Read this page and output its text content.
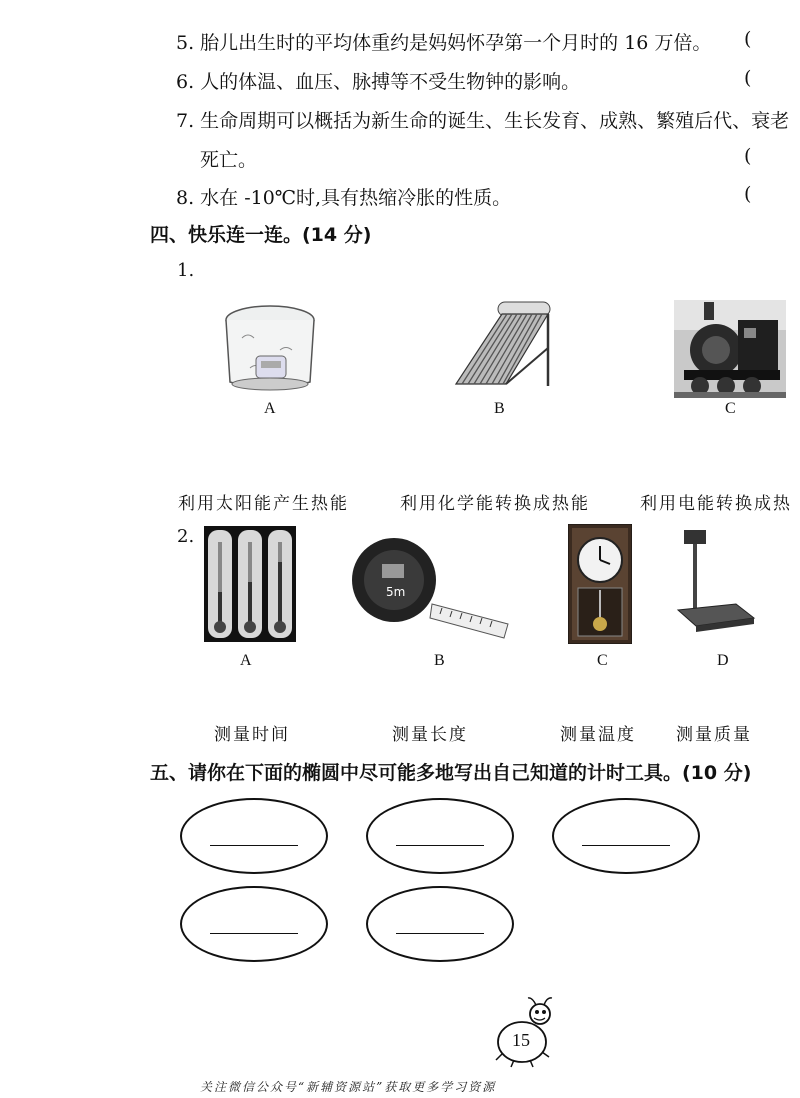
5. 胎儿出生时的平均体重约是妈妈怀孕第一个月时的 16 万倍。 (
6. 人的体温、血压、脉搏等不受生物钟的影响。	(
7. 生命周期可以概括为新生命的诞生、生长发育、成熟、繁殖后代、衰老
死亡。	(
8. 水在 -10℃时,具有热缩冷胀的性质。	(
四、快乐连一连。(14 分)
1.
A	B	C
利用太阳能产生热能	利用化学能转换成热能	利用电能转换成热
2.
A
5m
B	C	D
测量时间	测量长度	测量温度 测量质量
五、请你在下面的椭圆中尽可能多地写出自己知道的计时工具。(10 分)
15
关注微信公众号“新辅资源站”获取更多学习资源
